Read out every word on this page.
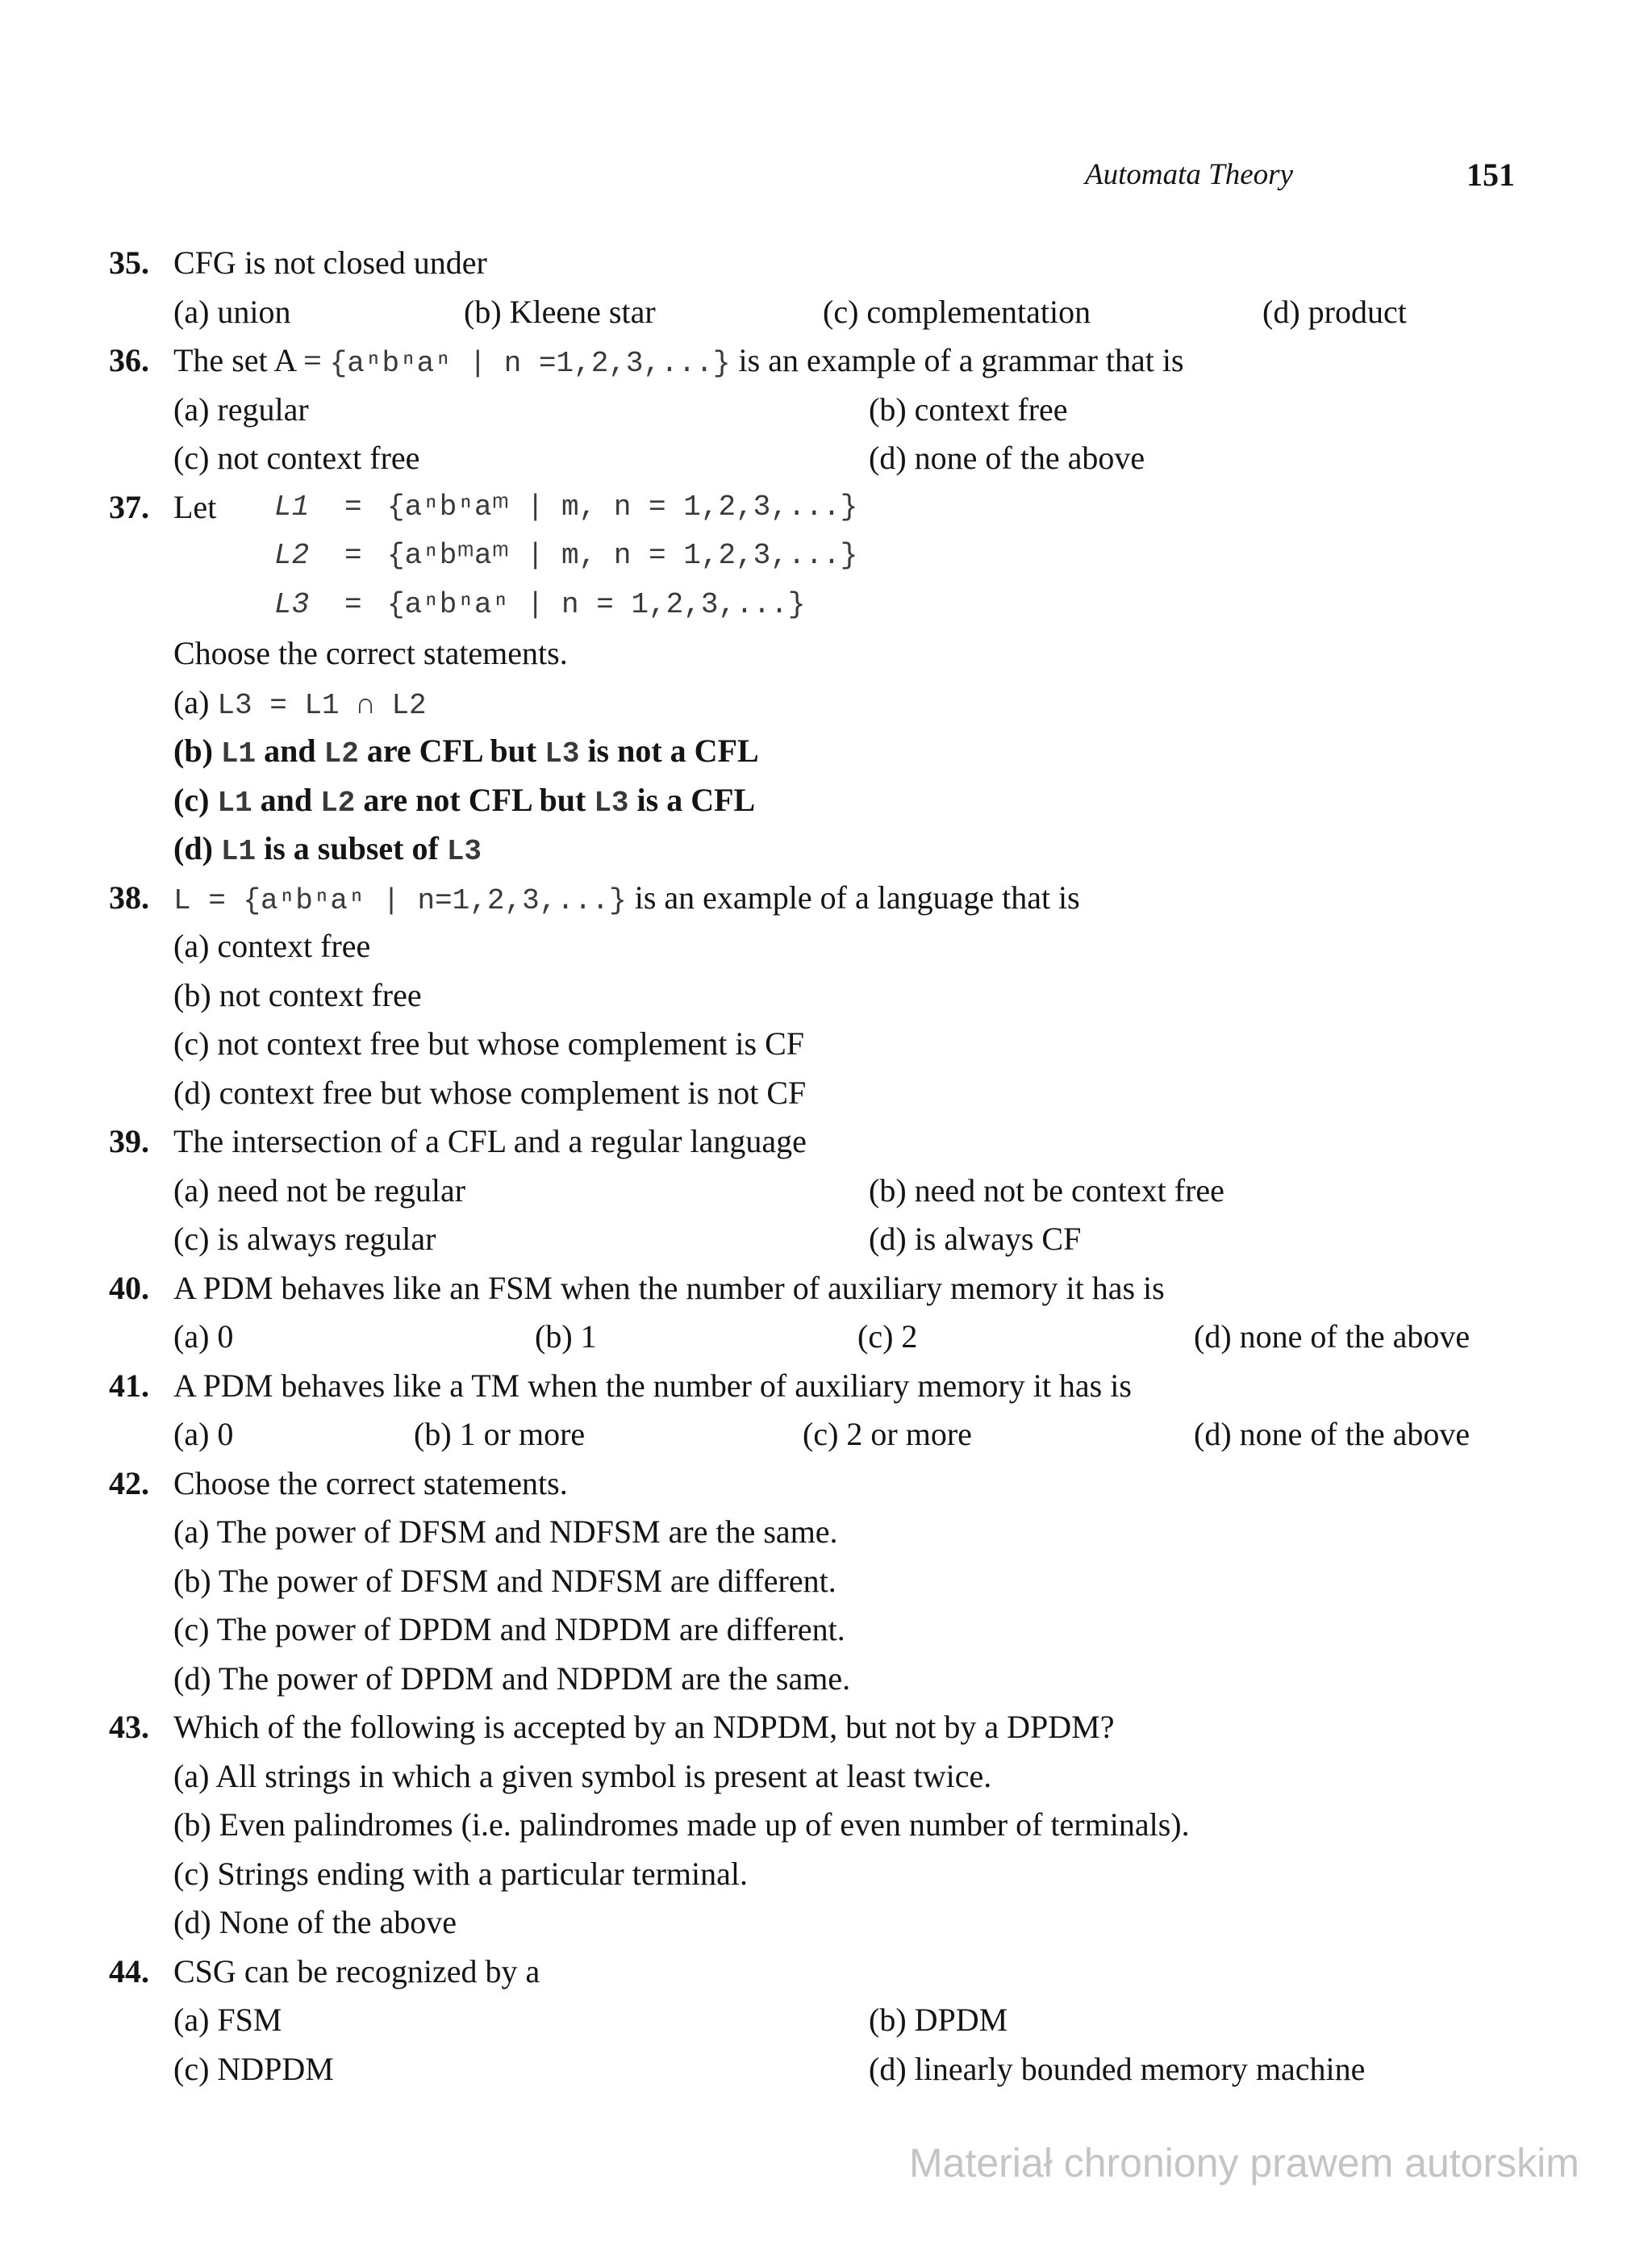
Automata Theory	151
35. CFG is not closed under
(a) union	(b) Kleene star	(c) complementation	(d) product
36. The set A = {aⁿbⁿaⁿ | n =1,2,3,...} is an example of a grammar that is
(a) regular	(b) context free
(c) not context free	(d) none of the above
37. Let L1 = {aⁿbⁿaᵐ | m, n = 1,2,3,...}
L2 = {aⁿbᵐaᵐ | m, n = 1,2,3,...}
L3 = {aⁿbⁿaⁿ | n = 1,2,3,...}
Choose the correct statements.
(a) L3 = L1 ∩ L2
(b) L1 and L2 are CFL but L3 is not a CFL
(c) L1 and L2 are not CFL but L3 is a CFL
(d) L1 is a subset of L3
38. L = {aⁿbⁿaⁿ | n=1,2,3,...} is an example of a language that is
(a) context free
(b) not context free
(c) not context free but whose complement is CF
(d) context free but whose complement is not CF
39. The intersection of a CFL and a regular language
(a) need not be regular	(b) need not be context free
(c) is always regular	(d) is always CF
40. A PDM behaves like an FSM when the number of auxiliary memory it has is
(a) 0	(b) 1	(c) 2	(d) none of the above
41. A PDM behaves like a TM when the number of auxiliary memory it has is
(a) 0	(b) 1 or more	(c) 2 or more	(d) none of the above
42. Choose the correct statements.
(a) The power of DFSM and NDFSM are the same.
(b) The power of DFSM and NDFSM are different.
(c) The power of DPDM and NDPDM are different.
(d) The power of DPDM and NDPDM are the same.
43. Which of the following is accepted by an NDPDM, but not by a DPDM?
(a) All strings in which a given symbol is present at least twice.
(b) Even palindromes (i.e. palindromes made up of even number of terminals).
(c) Strings ending with a particular terminal.
(d) None of the above
44. CSG can be recognized by a
(a) FSM	(b) DPDM
(c) NDPDM	(d) linearly bounded memory machine
Materiał chroniony prawem autorskim
